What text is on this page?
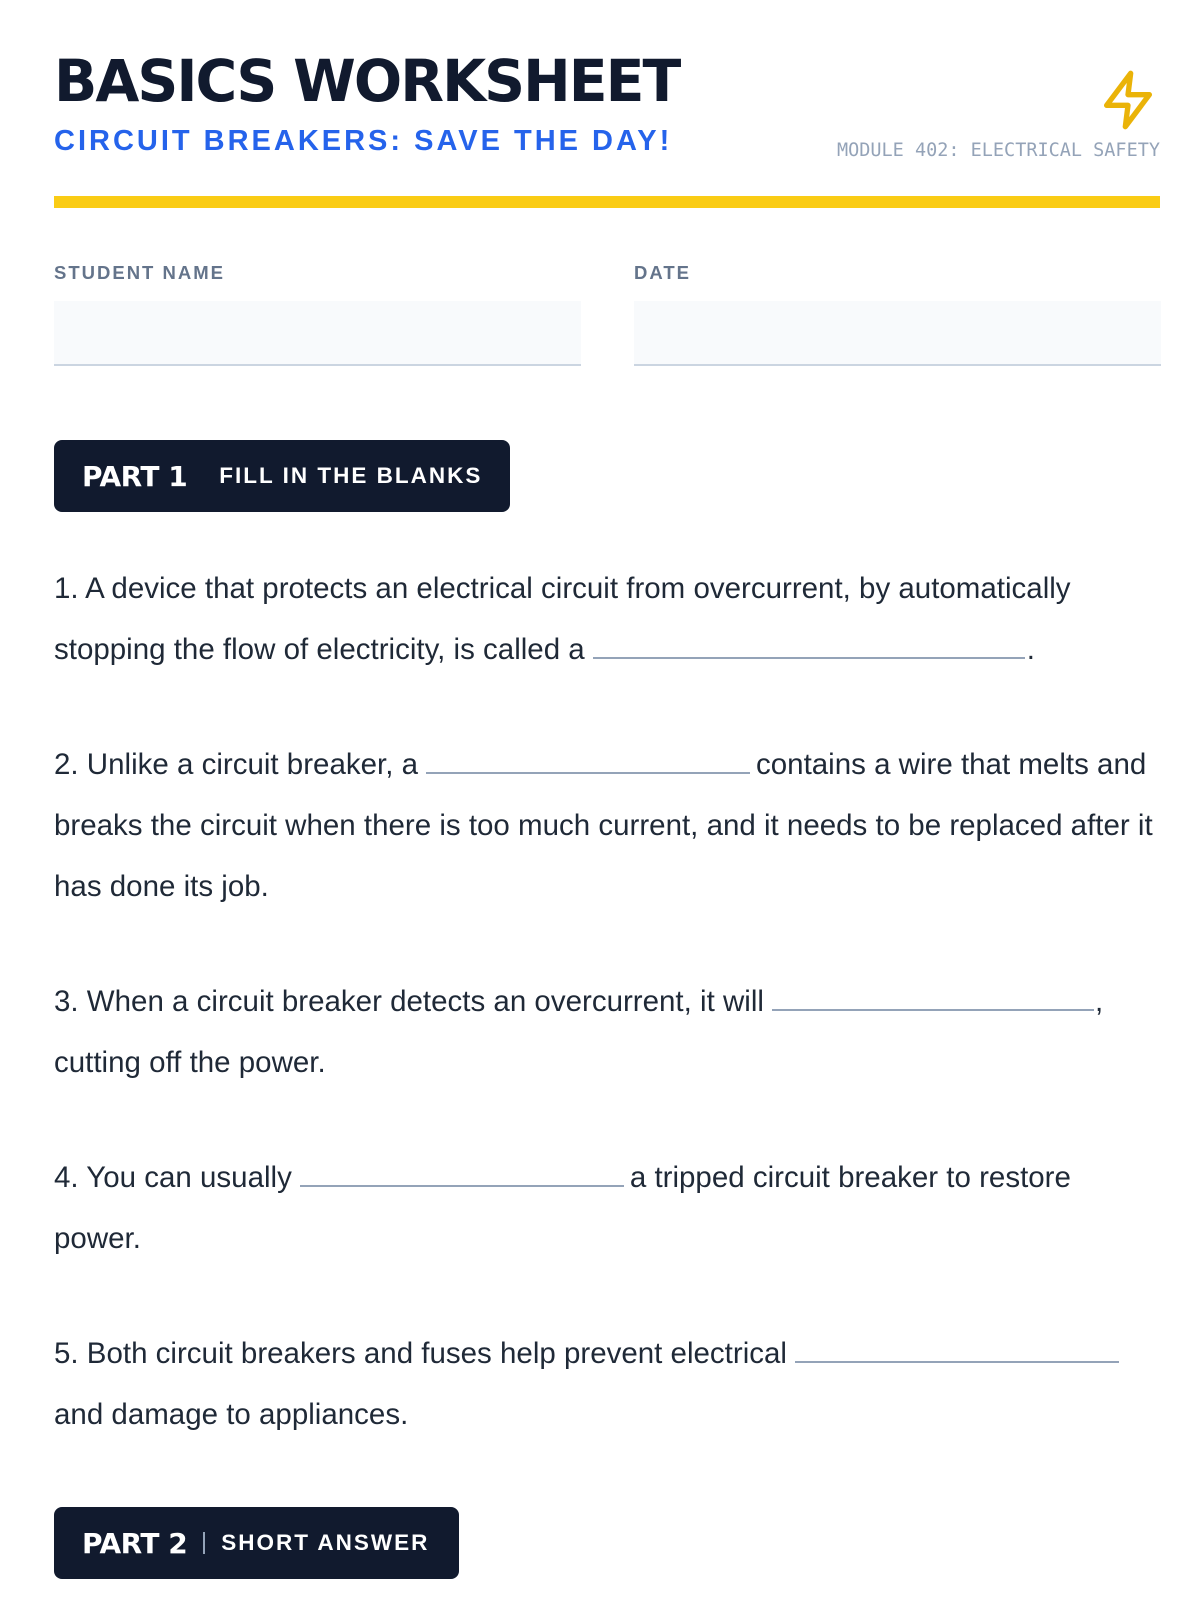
BASICS WORKSHEET
CIRCUIT BREAKERS: SAVE THE DAY!	MODULE 402: ELECTRICAL SAFETY
STUDENT NAME	DATE
PART 1 FILL IN THE BLANKS

1. A device that protects an electrical circuit from overcurrent, by automatically stopping the flow of electricity, is called a	.

2. Unlike a circuit breaker, a	contains a wire that melts and breaks the circuit when there is too much current, and it needs to be replaced after it has done its job.

3. When a circuit breaker detects an overcurrent, it will	, cutting off the power.

4. You can usually	a tripped circuit breaker to restore power.

5. Both circuit breakers and fuses help prevent electricaland damage to appliances.

PART 2 SHORT ANSWER
